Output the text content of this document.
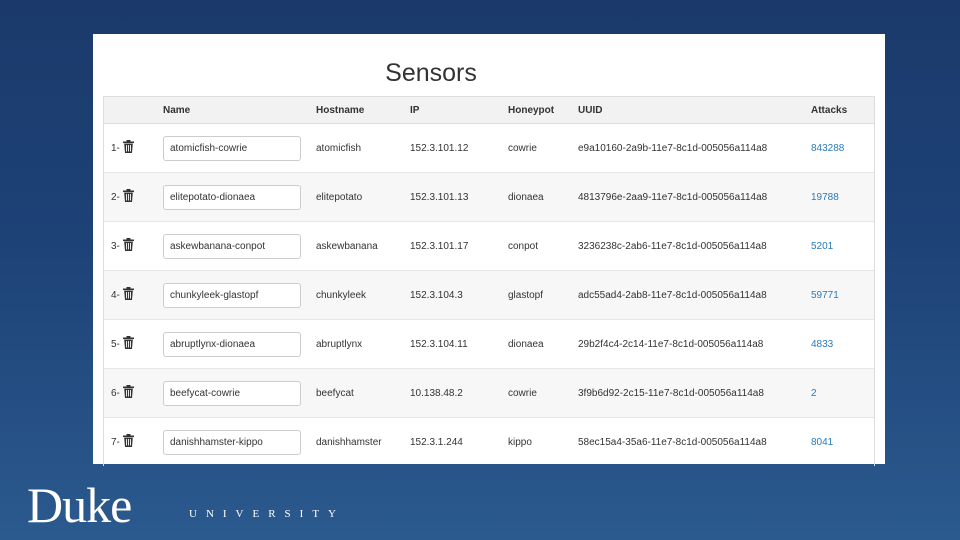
Sensors
	Name	Hostname	IP	Honeypot	UUID	Attacks
1-	atomicfish-cowrie	atomicfish	152.3.101.12	cowrie	e9a10160-2a9b-11e7-8c1d-005056a114a8	843288
2-	elitepotato-dionaea	elitepotato	152.3.101.13	dionaea	4813796e-2aa9-11e7-8c1d-005056a114a8	19788
3-	askewbanana-conpot	askewbanana	152.3.101.17	conpot	3236238c-2ab6-11e7-8c1d-005056a114a8	5201
4-	chunkyleek-glastopf	chunkyleek	152.3.104.3	glastopf	adc55ad4-2ab8-11e7-8c1d-005056a114a8	59771
5-	abruptlynx-dionaea	abruptlynx	152.3.104.11	dionaea	29b2f4c4-2c14-11e7-8c1d-005056a114a8	4833
6-	beefycat-cowrie	beefycat	10.138.48.2	cowrie	3f9b6d92-2c15-11e7-8c1d-005056a114a8	2
7-	danishhamster-kippo	danishhamster	152.3.1.244	kippo	58ec15a4-35a6-11e7-8c1d-005056a114a8	8041
Duke	UNIVERSITY
